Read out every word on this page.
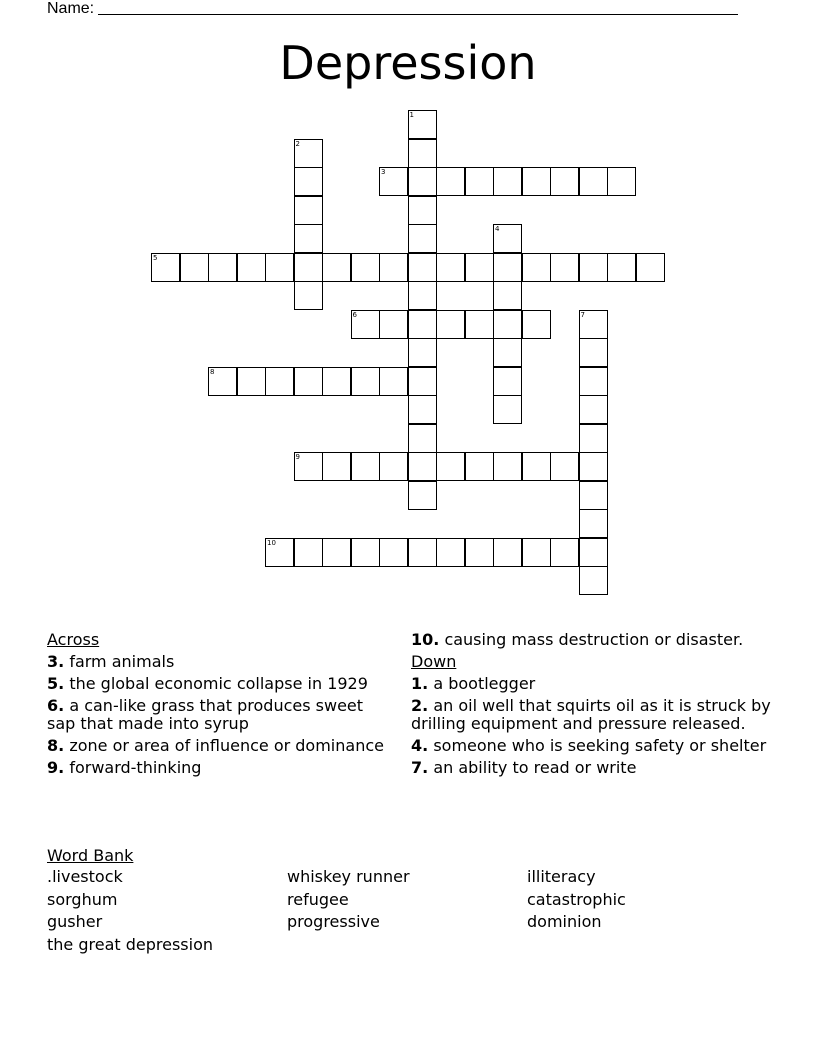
Name:
Depression
1
2
3
4
5
6	7
8
9
10
Across
3. farm animals
5. the global economic collapse in 1929
6. a can-like grass that produces sweet sap that made into syrup
8. zone or area of influence or dominance
9. forward-thinking
10. causing mass destruction or disaster.
Down
1. a bootlegger
2. an oil well that squirts oil as it is struck by drilling equipment and pressure released.
4. someone who is seeking safety or shelter
7. an ability to read or write
Word Bank
.livestock	whiskey runner	illiteracy
sorghum	refugee	catastrophic
gusher	progressive	dominion
the great depression
